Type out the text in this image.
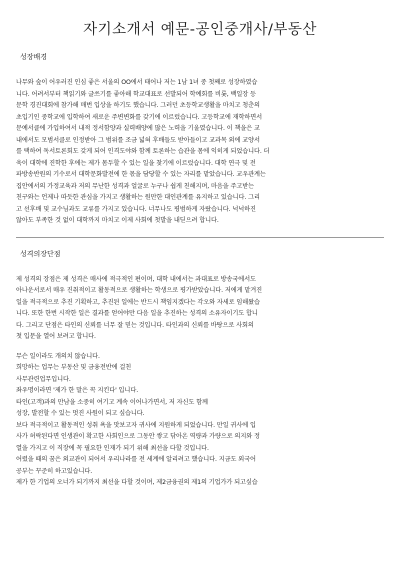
자기소개서 예문-공인중개사/부동산
성장배경
나무와 숲이 어우러진 인심 좋은 서울의 OO에서 태어나 저는 1남 1녀 중 첫째로 성장하였습
니다. 어려서부터 책읽기와 글쓰기를 좋아해 학교대표로 선발되어 학예회를 비롯, 백일장 등
문학 경진대회에 참가해 매번 입상을 하기도 했습니다. 그러던 초등학교생활을 마치고 청춘의
초입기인 중학교에 입학하여 새로운 주변변화를 갖기에 이르렀습니다. 고등학교에 재학하면서
문예서클에 가입하여서 내적 정서함양과 실력배양에 많은 노력을 기울였습니다. 이 책을은 교
내에서도 모범서클로 인정받아 그 범위를 조금 넓혀 후배들도 받아들이고 교과목 외에 교양서
를 택하여 독서토론회도 갖게 되어 인격도야와 함께 토론하는 습관을 몸에 익히게 되었습니다. 더
욱이 대학에 진학한 후에는 제가 몸두할 수 있는 일을 찾기에 이르렀습니다. 대학 연극 및 전
파방송반원의 기수로서 대학문화발전에 한 몫을 담당할 수 있는 자리를 맡았습니다. 교우관계는
집안에서의 가정교육과 저의 무난한 성격과 얼굴로 누구나 쉽게 친해지며, 마음을 주고받는
친구와는 언제나 따듯한 관심을 가지고 생활하는 원만한 대인관계를 유지하고 있습니다. 그리
고 선후배 및 교수님과도 교류를 가지고 있습니다. 너무나도 평범하게 자랐습니다. 넉넉하진
않아도 부족한 것 없이 대학까지 마치고 이제 사회에 첫발을 내딛으려 합니다.
성격의장단점
제 성격의 장점은 제 성격은 매사에 적극적인 편이며, 대학 내에서는 과대표로 방송국에서도
아나운서로서 매우 진취적이고 활동적으로 생활하는 학생으로 평가받았습니다. 저에게 맡겨진
일을 적극적으로 추진 기획하고, 추진된 일에는 반드시 책임지겠다는 각오와 자세로 임해왔습
니다. 또한 한번 시작한 일은 결과를 얻어야만 다음 일을 추진하는 성격의 소유자이기도 합니
다. 그리고 단점은 타인의 신뢰를 너무 잘 믿는 것입니다. 타인과의 신뢰를 바탕으로 사회의
첫 입문을 열어 보려고 합니다.
무슨 일이라도 개의치 않습니다.
희망하는 업무는 부동산 및 금융전반에 걸친
사무관련업무입니다.
좌우명이라면 '제가 한 말은 꼭 지킨다' 입니다.
타인(고객)과의 만남을 소중히 여기고 계속 이어나가면서, 저 자신도 함께
성장, 발전할 수 있는 멋진 사원이 되고 싶습니다.
보다 적극적이고 활동적인 성취 욕을 맛보고자 귀사에 지원하게 되었습니다. 만일 귀사에 입
사가 허락된다면 인생관이 확고한 사회인으로 그동안 쌓고 닦아온 역량과 가량으로 의지와 정
열을 가지고 이 직장에 꼭 필요한 인재가 되기 위해 최선을 다할 것입니다.
어렸을 때의 꿈은 외교관이 되어서 우리나라를 전 세계에 알리려고 했습니다. 지금도 외국어
공부는 꾸준히 하고있습니다.
제가 한 기업의 오너가 되기까지 최선을 다할 것이며, 제2금융권의 제1의 기업가가 되고싶습
